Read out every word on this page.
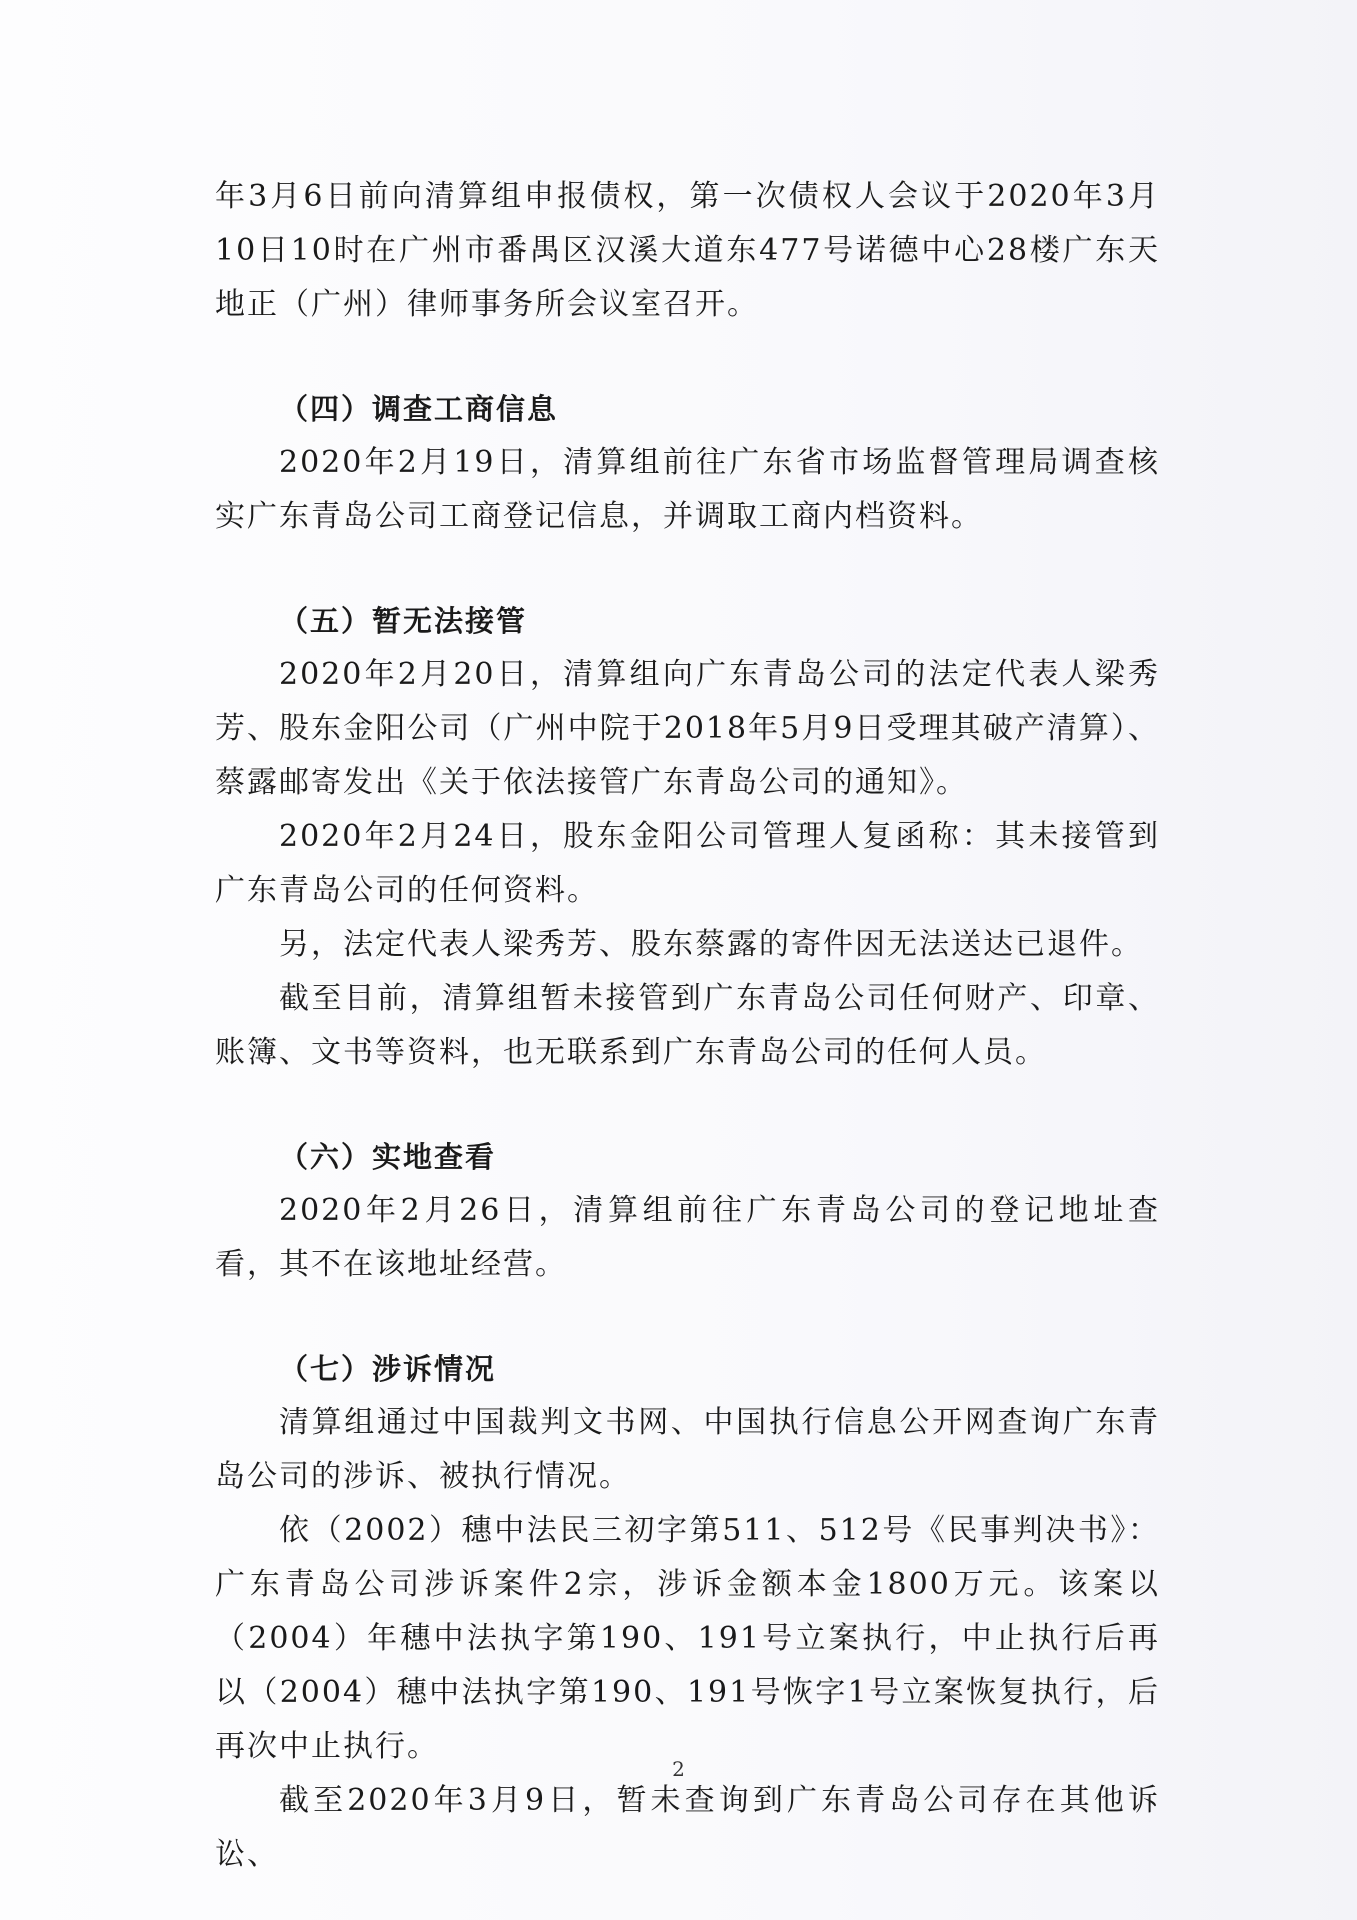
年3月6日前向清算组申报债权，第一次债权人会议于2020年3月10日10时在广州市番禺区汉溪大道东477号诺德中心28楼广东天地正（广州）律师事务所会议室召开。

（四）调查工商信息

2020年2月19日，清算组前往广东省市场监督管理局调查核实广东青岛公司工商登记信息，并调取工商内档资料。

（五）暂无法接管

2020年2月20日，清算组向广东青岛公司的法定代表人梁秀芳、股东金阳公司（广州中院于2018年5月9日受理其破产清算）、蔡露邮寄发出《关于依法接管广东青岛公司的通知》。

2020年2月24日，股东金阳公司管理人复函称：其未接管到广东青岛公司的任何资料。

另，法定代表人梁秀芳、股东蔡露的寄件因无法送达已退件。

截至目前，清算组暂未接管到广东青岛公司任何财产、印章、账簿、文书等资料，也无联系到广东青岛公司的任何人员。

（六）实地查看

2020年2月26日，清算组前往广东青岛公司的登记地址查看，其不在该地址经营。

（七）涉诉情况

清算组通过中国裁判文书网、中国执行信息公开网查询广东青岛公司的涉诉、被执行情况。

依（2002）穗中法民三初字第511、512号《民事判决书》：广东青岛公司涉诉案件2宗，涉诉金额本金1800万元。该案以（2004）年穗中法执字第190、191号立案执行，中止执行后再以（2004）穗中法执字第190、191号恢字1号立案恢复执行，后再次中止执行。

截至2020年3月9日，暂未查询到广东青岛公司存在其他诉讼、

2
